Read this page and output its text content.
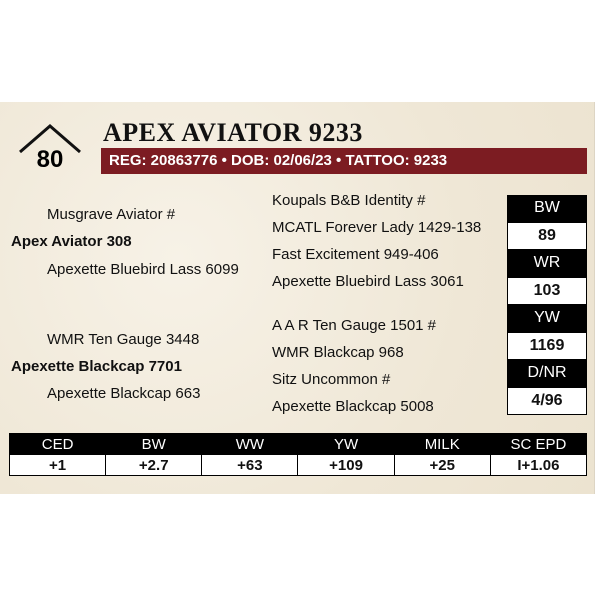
80
APEX AVIATOR 9233
REG: 20863776 • DOB: 02/06/23 • TATTOO: 9233
Musgrave Aviator #
Apex Aviator 308
Apexette Bluebird Lass 6099
WMR Ten Gauge 3448
Apexette Blackcap 7701
Apexette Blackcap 663
Koupals B&B Identity #
MCATL Forever Lady 1429-138
Fast Excitement 949-406
Apexette Bluebird Lass 3061
A A R Ten Gauge 1501 #
WMR Blackcap 968
Sitz Uncommon #
Apexette Blackcap 5008
BW
89
WR
103
YW
1169
D/NR
4/96
CED	BW	WW	YW	MILK	SC EPD
+1	+2.7	+63	+109	+25	I+1.06
